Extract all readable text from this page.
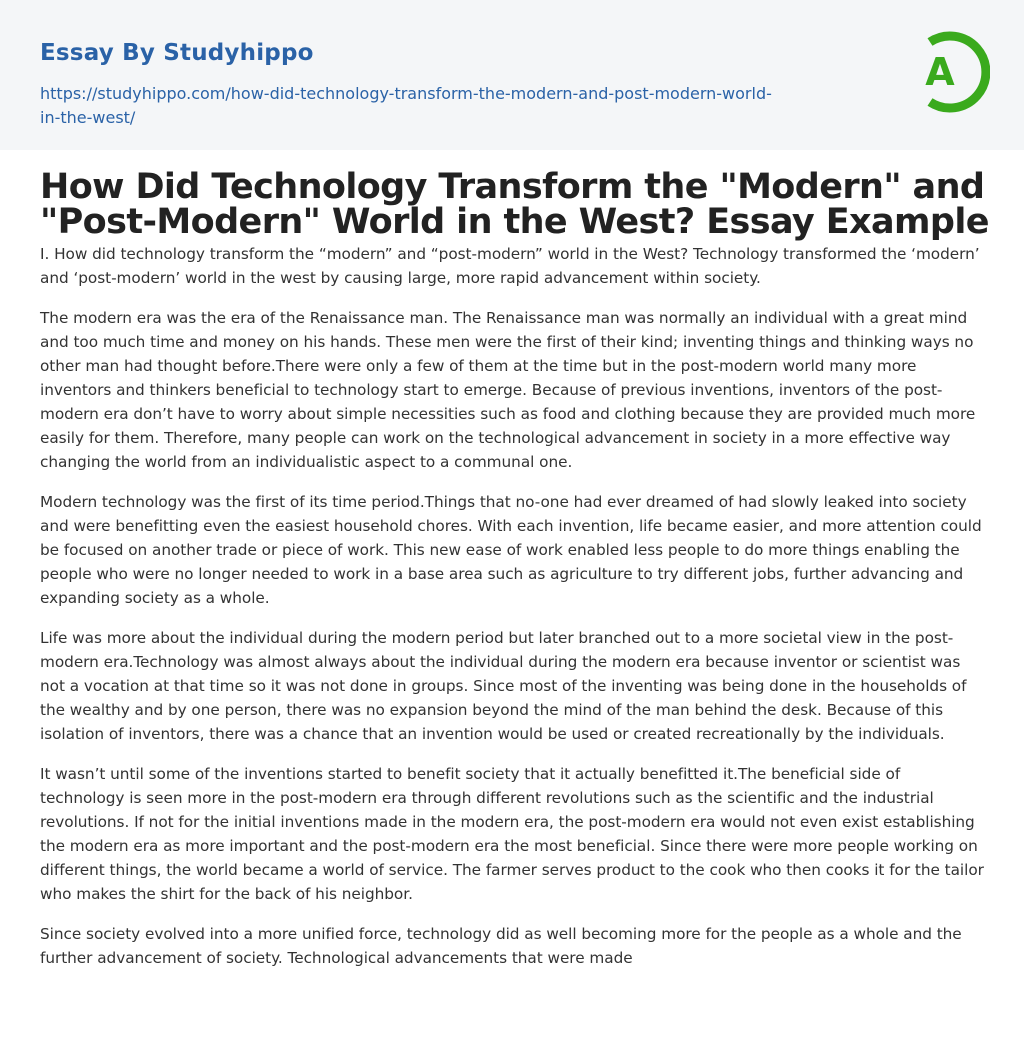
Essay By Studyhippo
https://studyhippo.com/how-did-technology-transform-the-modern-and-post-modern-world-
in-the-west/
A
How Did Technology Transform the "Modern" and
"Post-Modern" World in the West? Essay Example

I. How did technology transform the “modern” and “post-modern” world in the West? Technology transformed the ‘modern’ and ‘post-modern’ world in the west by causing large, more rapid advancement within society.

The modern era was the era of the Renaissance man. The Renaissance man was normally an individual with a great mind and too much time and money on his hands. These men were the first of their kind; inventing things and thinking ways no other man had thought before.There were only a few of them at the time but in the post-modern world many more inventors and thinkers beneficial to technology start to emerge. Because of previous inventions, inventors of the post-modern era don’t have to worry about simple necessities such as food and clothing because they are provided much more easily for them. Therefore, many people can work on the technological advancement in society in a more effective way changing the world from an individualistic aspect to a communal one.

Modern technology was the first of its time period.Things that no-one had ever dreamed of had slowly leaked into society and were benefitting even the easiest household chores. With each invention, life became easier, and more attention could be focused on another trade or piece of work. This new ease of work enabled less people to do more things enabling the people who were no longer needed to work in a base area such as agriculture to try different jobs, further advancing and expanding society as a whole.

Life was more about the individual during the modern period but later branched out to a more societal view in the post-modern era.Technology was almost always about the individual during the modern era because inventor or scientist was not a vocation at that time so it was not done in groups. Since most of the inventing was being done in the households of the wealthy and by one person, there was no expansion beyond the mind of the man behind the desk. Because of this isolation of inventors, there was a chance that an invention would be used or created recreationally by the individuals.

It wasn’t until some of the inventions started to benefit society that it actually benefitted it.The beneficial side of technology is seen more in the post-modern era through different revolutions such as the scientific and the industrial revolutions. If not for the initial inventions made in the modern era, the post-modern era would not even exist establishing the modern era as more important and the post-modern era the most beneficial. Since there were more people working on different things, the world became a world of service. The farmer serves product to the cook who then cooks it for the tailor who makes the shirt for the back of his neighbor.

Since society evolved into a more unified force, technology did as well becoming more for the people as a whole and the further advancement of society. Technological advancements that were made
